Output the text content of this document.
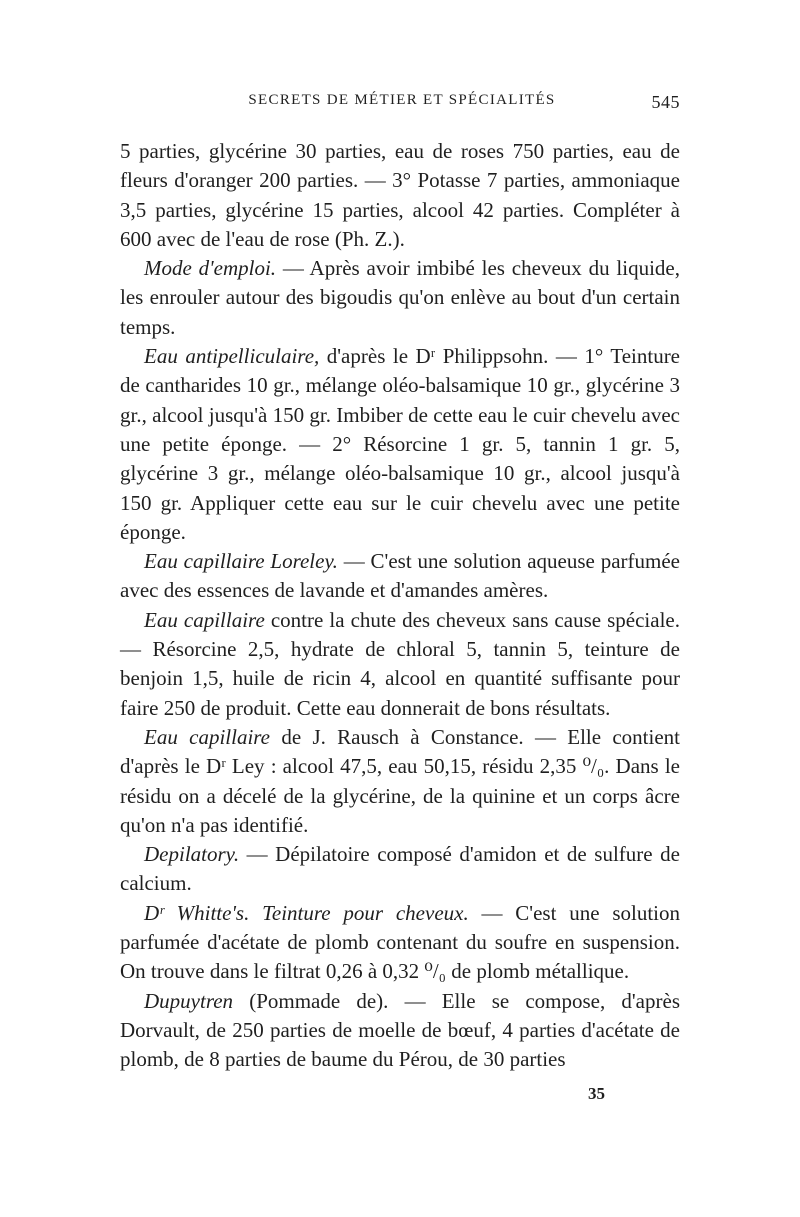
SECRETS DE MÉTIER ET SPÉCIALITÉS	545

5 parties, glycérine 30 parties, eau de roses 750 parties, eau de fleurs d'oranger 200 parties. — 3° Potasse 7 parties, ammoniaque 3,5 parties, glycérine 15 parties, alcool 42 parties. Compléter à 600 avec de l'eau de rose (Ph. Z.).

Mode d'emploi. — Après avoir imbibé les cheveux du liquide, les enrouler autour des bigoudis qu'on enlève au bout d'un certain temps.

Eau antipelliculaire, d'après le Dʳ Philippsohn. — 1° Teinture de cantharides 10 gr., mélange oléo-balsamique 10 gr., glycérine 3 gr., alcool jusqu'à 150 gr. Imbiber de cette eau le cuir chevelu avec une petite éponge. — 2° Résorcine 1 gr. 5, tannin 1 gr. 5, glycérine 3 gr., mélange oléo-balsamique 10 gr., alcool jusqu'à 150 gr. Appliquer cette eau sur le cuir chevelu avec une petite éponge.

Eau capillaire Loreley. — C'est une solution aqueuse parfumée avec des essences de lavande et d'amandes amères.

Eau capillaire contre la chute des cheveux sans cause spéciale. — Résorcine 2,5, hydrate de chloral 5, tannin 5, teinture de benjoin 1,5, huile de ricin 4, alcool en quantité suffisante pour faire 250 de produit. Cette eau donnerait de bons résultats.

Eau capillaire de J. Rausch à Constance. — Elle contient d'après le Dʳ Ley : alcool 47,5, eau 50,15, résidu 2,35 ⁰/₀. Dans le résidu on a décelé de la glycérine, de la quinine et un corps âcre qu'on n'a pas identifié.

Depilatory. — Dépilatoire composé d'amidon et de sulfure de calcium.

Dʳ Whitte's. Teinture pour cheveux. — C'est une solution parfumée d'acétate de plomb contenant du soufre en suspension. On trouve dans le filtrat 0,26 à 0,32 ⁰/₀ de plomb métallique.

Dupuytren (Pommade de). — Elle se compose, d'après Dorvault, de 250 parties de moelle de bœuf, 4 parties d'acétate de plomb, de 8 parties de baume du Pérou, de 30 parties

35
